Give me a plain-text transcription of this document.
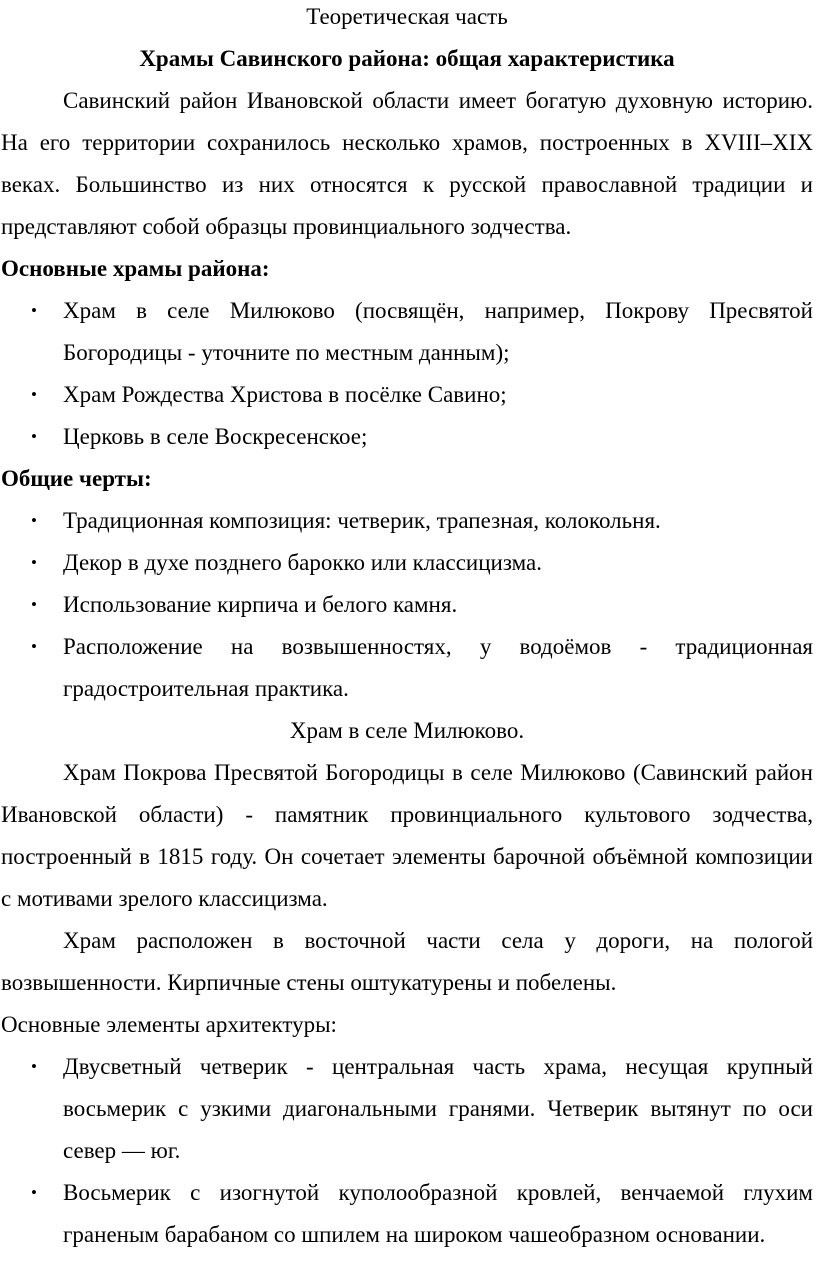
Теоретическая часть

Храмы Савинского района: общая характеристика

Савинский район Ивановской области имеет богатую духовную историю. На его территории сохранилось несколько храмов, построенных в XVIII–XIX веках. Большинство из них относятся к русской православной традиции и представляют собой образцы провинциального зодчества.

Основные храмы района:

• Храм в селе Милюково (посвящён, например, Покрову Пресвятой Богородицы - уточните по местным данным);
• Храм Рождества Христова в посёлке Савино;
• Церковь в селе Воскресенское;

Общие черты:

• Традиционная композиция: четверик, трапезная, колокольня.
• Декор в духе позднего барокко или классицизма.
• Использование кирпича и белого камня.
• Расположение на возвышенностях, у водоёмов - традиционная градостроительная практика.

Храм в селе Милюково.

Храм Покрова Пресвятой Богородицы в селе Милюково (Савинский район Ивановской области) - памятник провинциального культового зодчества, построенный в 1815 году. Он сочетает элементы барочной объёмной композиции с мотивами зрелого классицизма.

Храм расположен в восточной части села у дороги, на пологой возвышенности. Кирпичные стены оштукатурены и побелены.

Основные элементы архитектуры:

• Двусветный четверик - центральная часть храма, несущая крупный восьмерик с узкими диагональными гранями. Четверик вытянут по оси север — юг.
• Восьмерик с изогнутой куполообразной кровлей, венчаемой глухим граненым барабаном со шпилем на широком чашеобразном основании.
